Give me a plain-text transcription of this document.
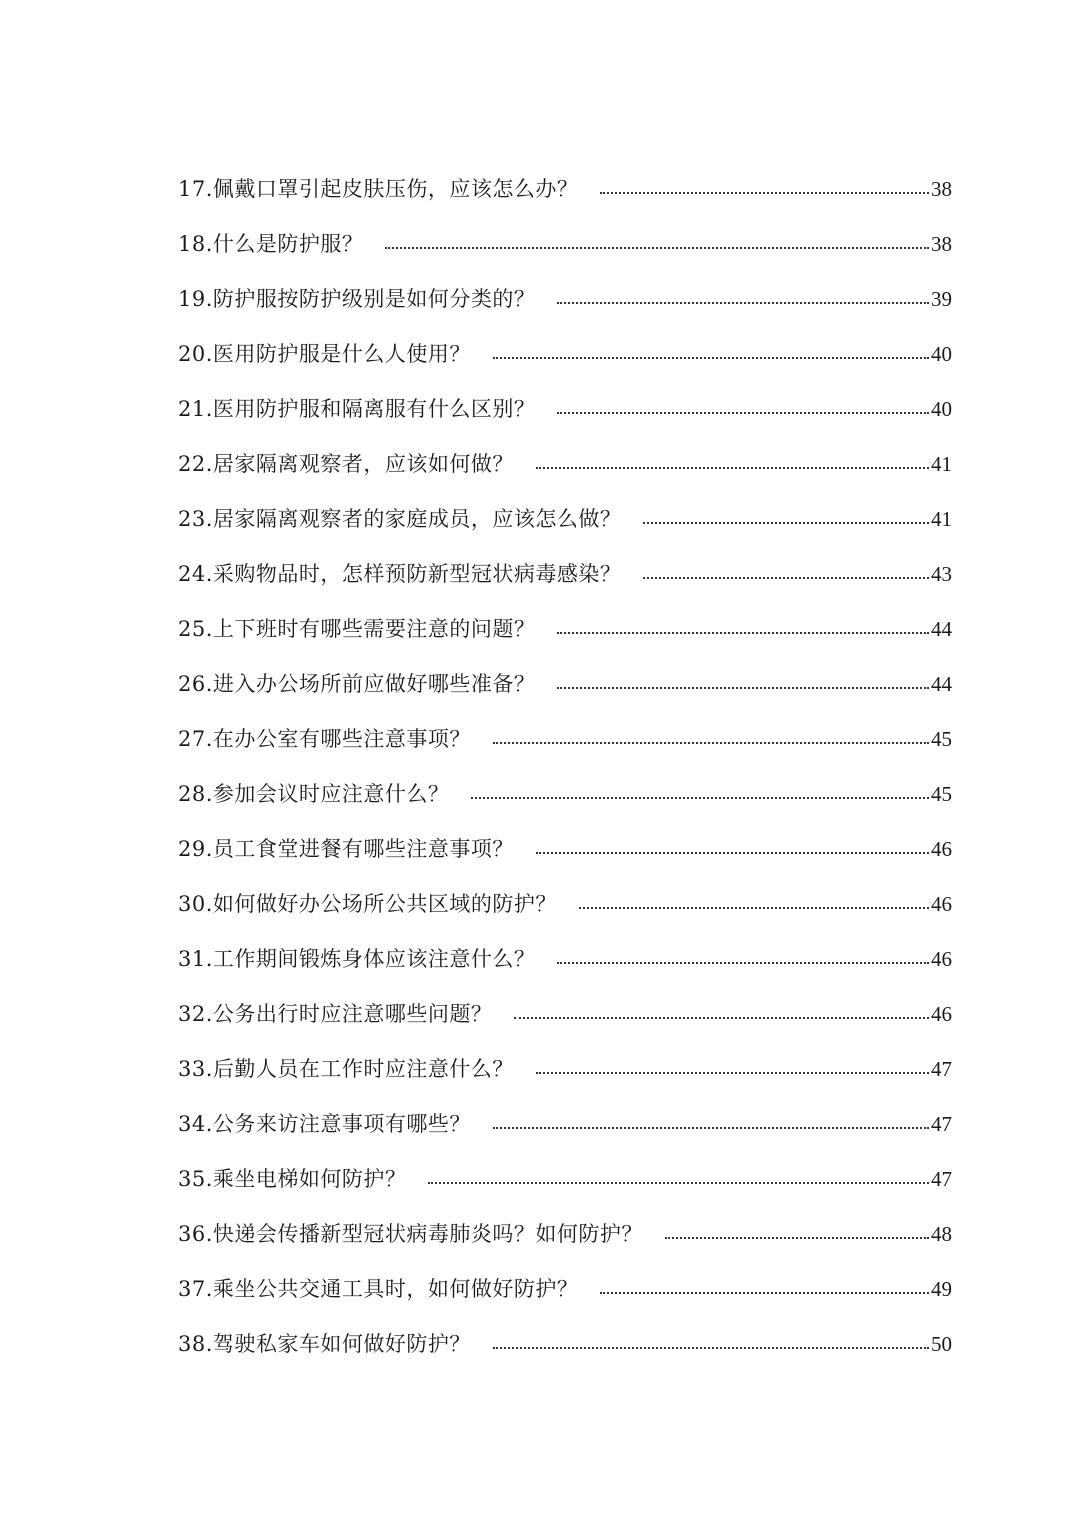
17.佩戴口罩引起皮肤压伤，应该怎么办？	38
18.什么是防护服？	38
19.防护服按防护级别是如何分类的？	39
20.医用防护服是什么人使用？	40
21.医用防护服和隔离服有什么区别？	40
22.居家隔离观察者，应该如何做？	41
23.居家隔离观察者的家庭成员，应该怎么做？	41
24.采购物品时，怎样预防新型冠状病毒感染？	43
25.上下班时有哪些需要注意的问题？	44
26.进入办公场所前应做好哪些准备？	44
27.在办公室有哪些注意事项？	45
28.参加会议时应注意什么？	45
29.员工食堂进餐有哪些注意事项？	46
30.如何做好办公场所公共区域的防护？	46
31.工作期间锻炼身体应该注意什么？	46
32.公务出行时应注意哪些问题？	46
33.后勤人员在工作时应注意什么？	47
34.公务来访注意事项有哪些？	47
35.乘坐电梯如何防护？	47
36.快递会传播新型冠状病毒肺炎吗？如何防护？	48
37.乘坐公共交通工具时，如何做好防护？	49
38.驾驶私家车如何做好防护？	50
